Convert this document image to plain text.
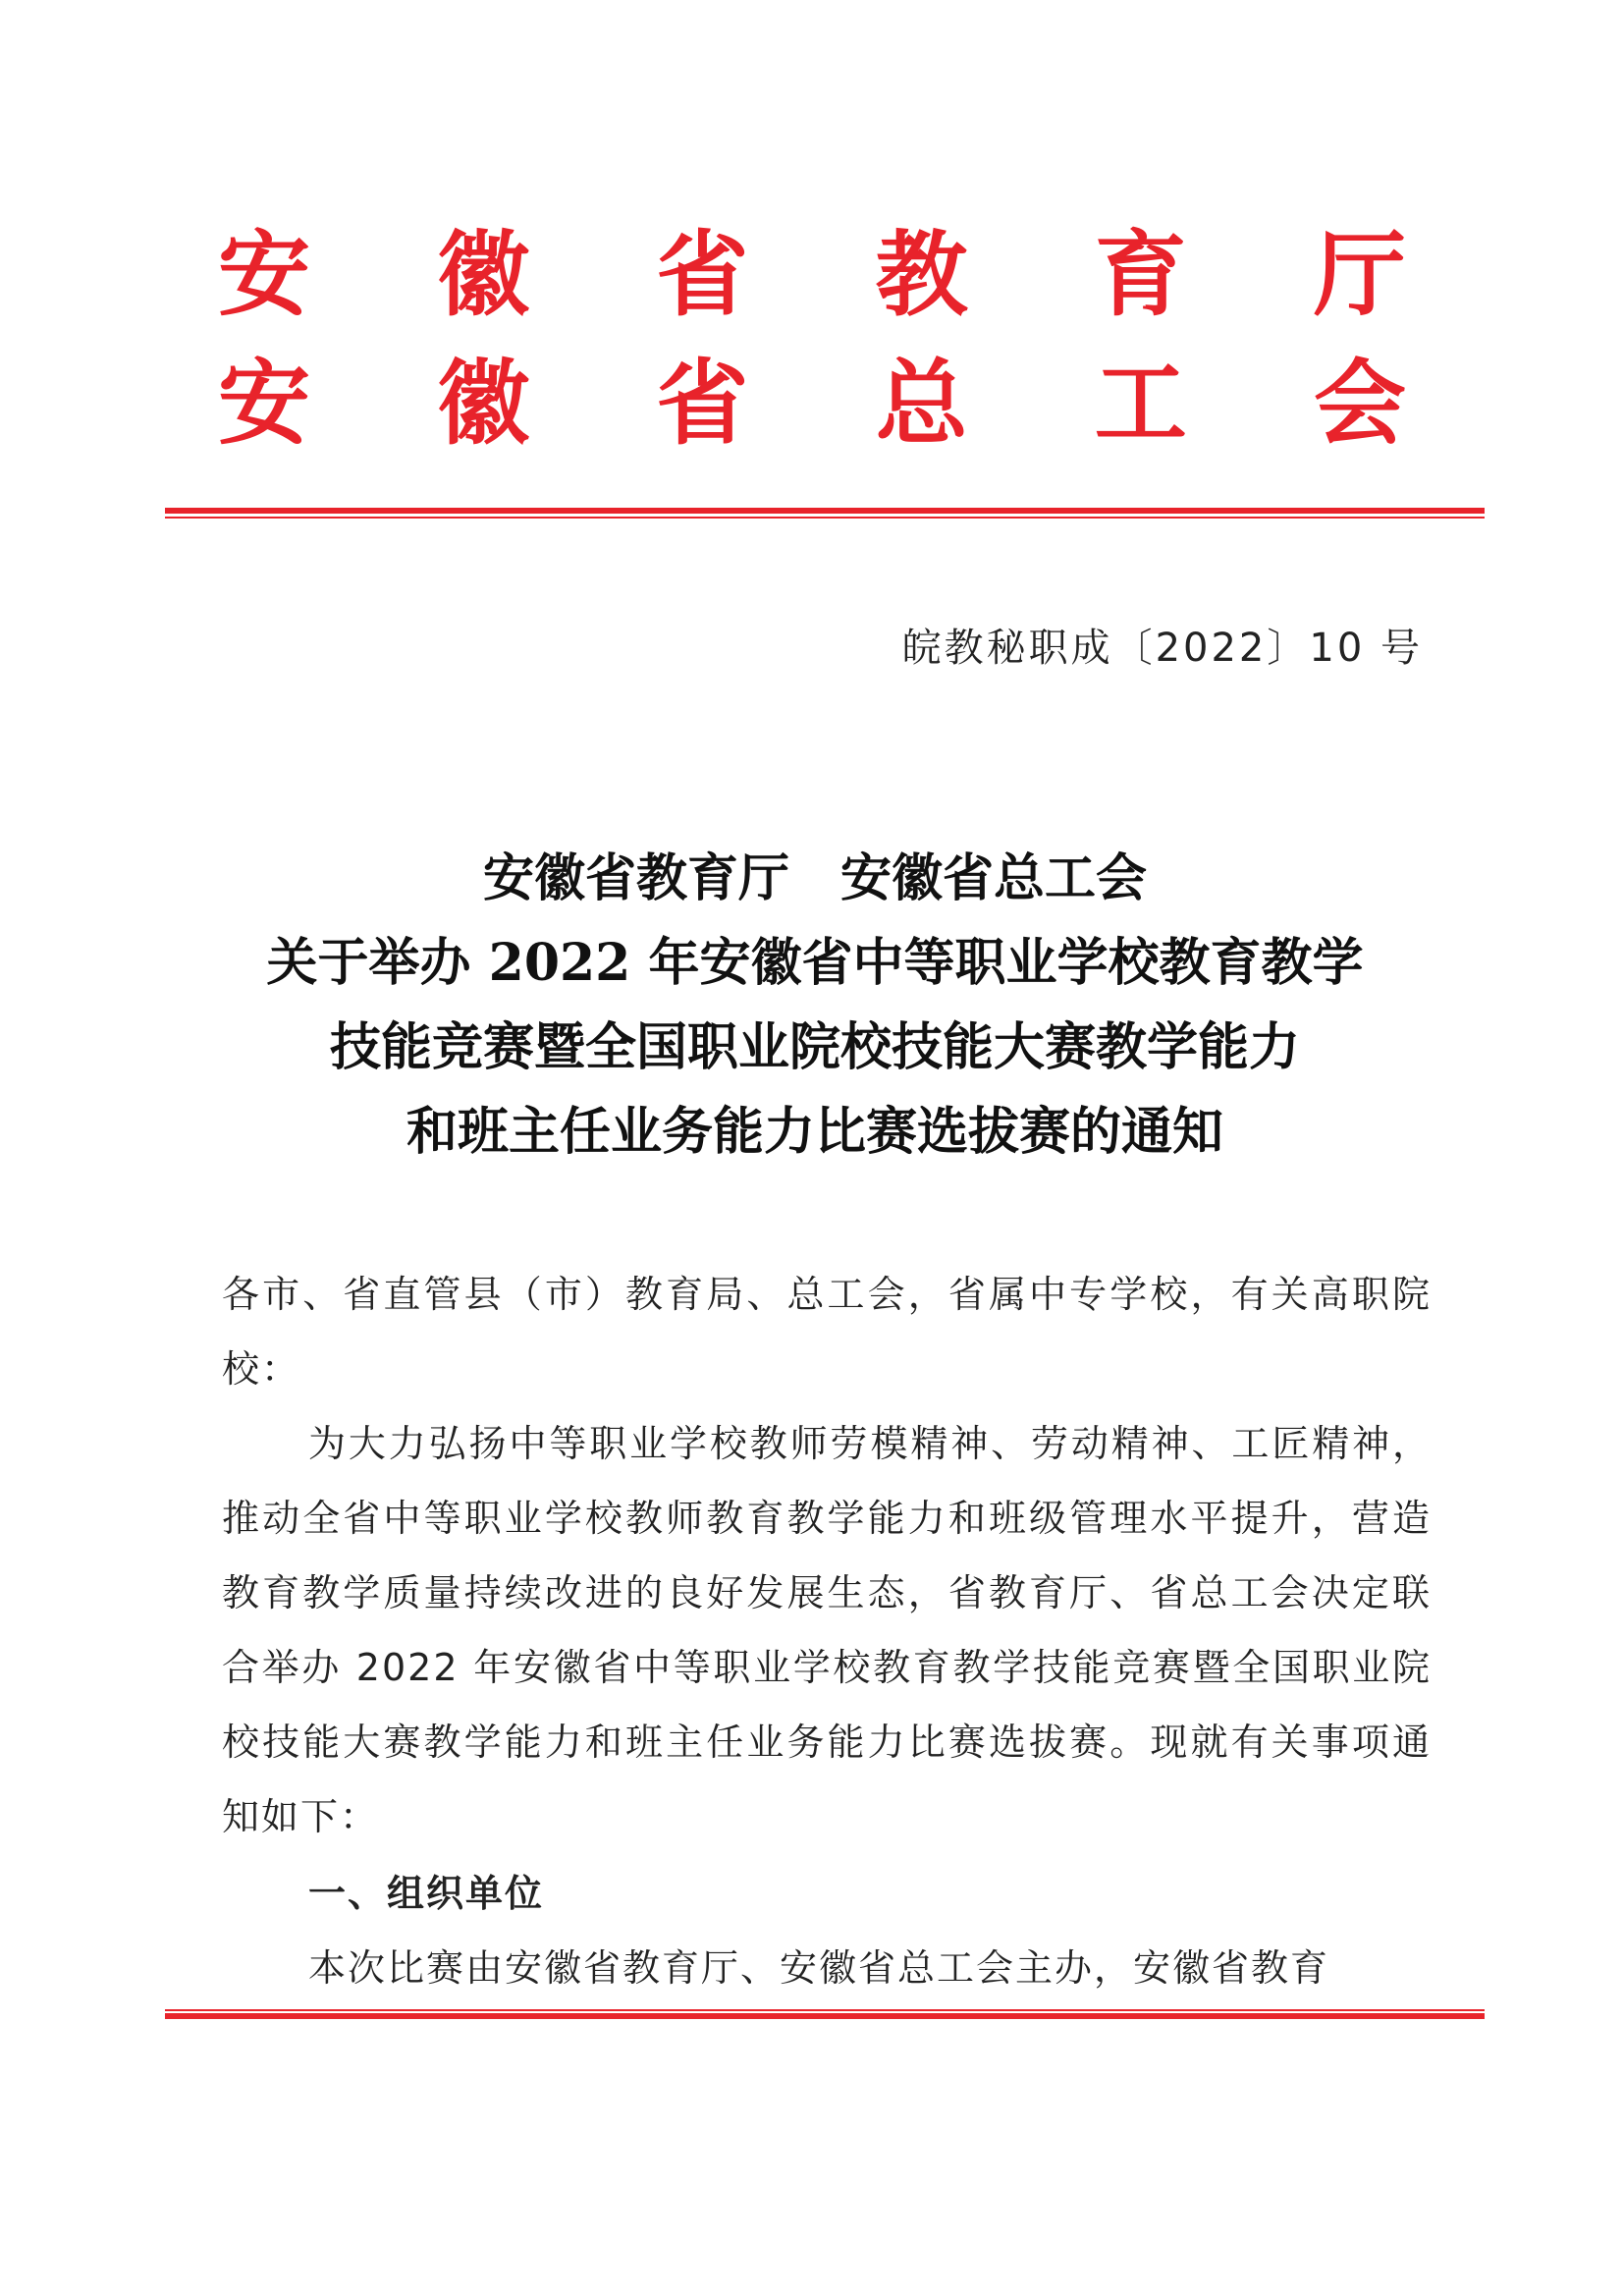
安 徽 省 教 育 厅
安 徽 省 总 工 会
皖教秘职成〔2022〕10 号
安徽省教育厅　安徽省总工会
关于举办 2022 年安徽省中等职业学校教育教学
技能竞赛暨全国职业院校技能大赛教学能力
和班主任业务能力比赛选拔赛的通知

各市、省直管县（市）教育局、总工会，省属中专学校，有关高职院校：

为大力弘扬中等职业学校教师劳模精神、劳动精神、工匠精神，推动全省中等职业学校教师教育教学能力和班级管理水平提升，营造教育教学质量持续改进的良好发展生态，省教育厅、省总工会决定联合举办 2022 年安徽省中等职业学校教育教学技能竞赛暨全国职业院校技能大赛教学能力和班主任业务能力比赛选拔赛。现就有关事项通知如下：

一、组织单位

本次比赛由安徽省教育厅、安徽省总工会主办，安徽省教育
